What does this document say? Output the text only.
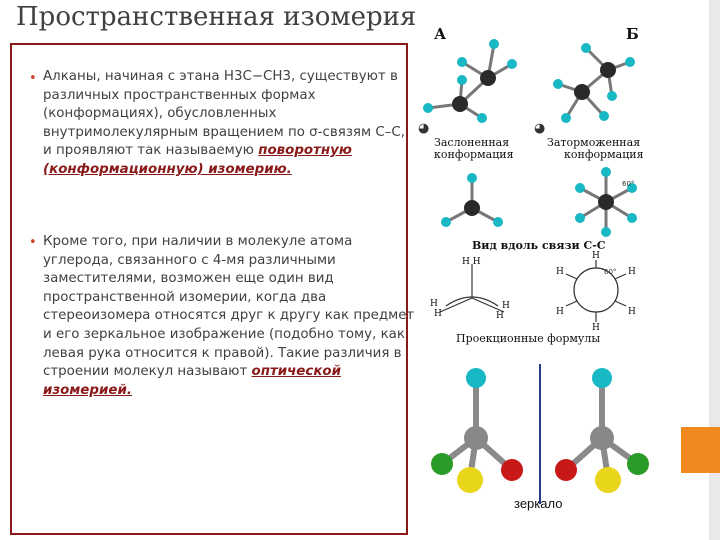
Пространственная изомерия
• Алканы, начиная с этана Н3С−СН3, существуют в различных пространственных формах (конформациях), обусловленных внутримолекулярным вращением по σ-связям С–С, и проявляют так называемую поворотную (конформационную) изомерию.
• Кроме того, при наличии в молекуле атома углерода, связанного с 4-мя различными заместителями, возможен еще один вид пространственной изомерии, когда два стереоизомера относятся друг к другу как предмет и его зеркальное изображение (подобно тому, как левая рука относится к правой). Такие различия в строении молекул называют оптической изомерией.
А	Б
◕	◕
Заслоненная
конформация
Заторможенная
конформация
60°
Вид вдоль связи С-С
H H
H
H
H
H
H
H
H	H
H	H
60°
Проекционные формулы
зеркало
